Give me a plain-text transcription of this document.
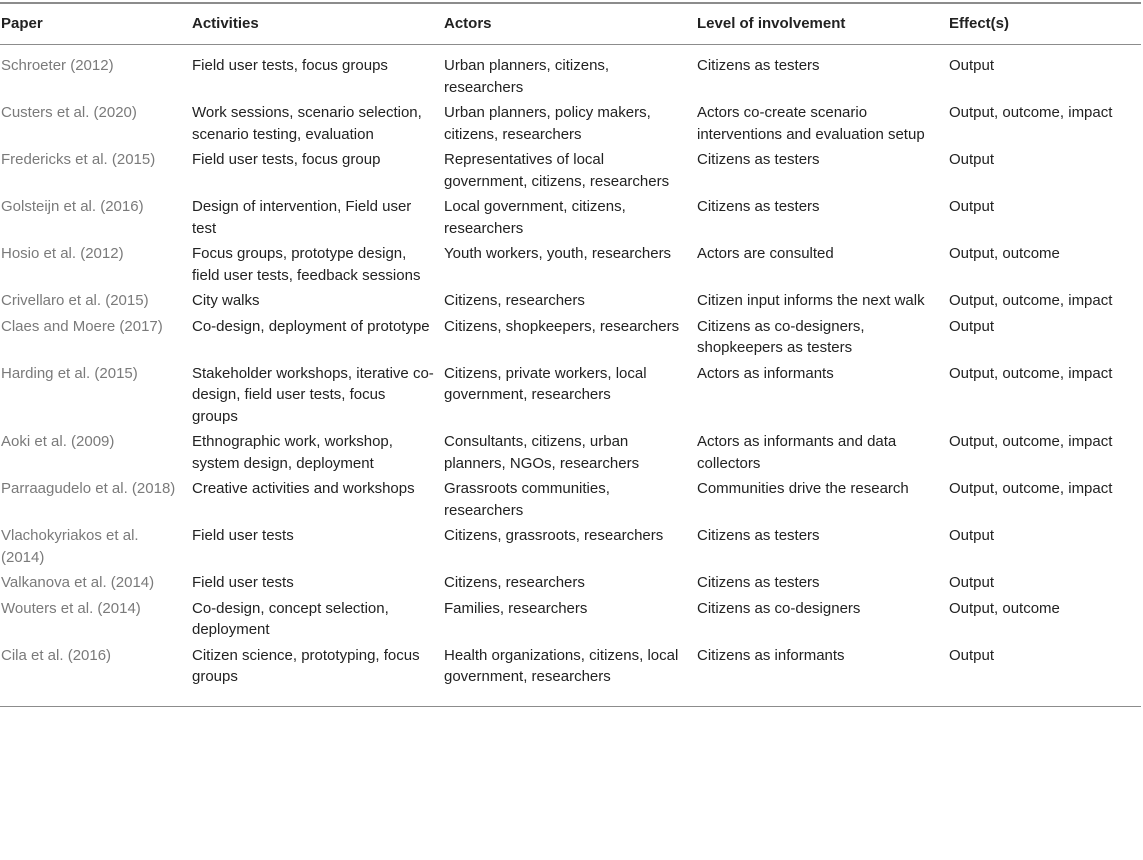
Paper	Activities	Actors	Level of involvement	Effect(s)
Schroeter (2012)	Field user tests, focus groups	Urban planners, citizens, researchers	Citizens as testers	Output
Custers et al. (2020)	Work sessions, scenario selection, scenario testing, evaluation	Urban planners, policy makers, citizens, researchers	Actors co-create scenario interventions and evaluation setup	Output, outcome, impact
Fredericks et al. (2015)	Field user tests, focus group	Representatives of local government, citizens, researchers	Citizens as testers	Output
Golsteijn et al. (2016)	Design of intervention, Field user test	Local government, citizens, researchers	Citizens as testers	Output
Hosio et al. (2012)	Focus groups, prototype design, field user tests, feedback sessions	Youth workers, youth, researchers	Actors are consulted	Output, outcome
Crivellaro et al. (2015)	City walks	Citizens, researchers	Citizen input informs the next walk	Output, outcome, impact
Claes and Moere (2017)	Co-design, deployment of prototype	Citizens, shopkeepers, researchers	Citizens as co-designers, shopkeepers as testers	Output
Harding et al. (2015)	Stakeholder workshops, iterative co-design, field user tests, focus groups	Citizens, private workers, local government, researchers	Actors as informants	Output, outcome, impact
Aoki et al. (2009)	Ethnographic work, workshop, system design, deployment	Consultants, citizens, urban planners, NGOs, researchers	Actors as informants and data collectors	Output, outcome, impact
Parraagudelo et al. (2018)	Creative activities and workshops	Grassroots communities, researchers	Communities drive the research	Output, outcome, impact
Vlachokyriakos et al. (2014)	Field user tests	Citizens, grassroots, researchers	Citizens as testers	Output
Valkanova et al. (2014)	Field user tests	Citizens, researchers	Citizens as testers	Output
Wouters et al. (2014)	Co-design, concept selection, deployment	Families, researchers	Citizens as co-designers	Output, outcome
Cila et al. (2016)	Citizen science, prototyping, focus groups	Health organizations, citizens, local government, researchers	Citizens as informants	Output
